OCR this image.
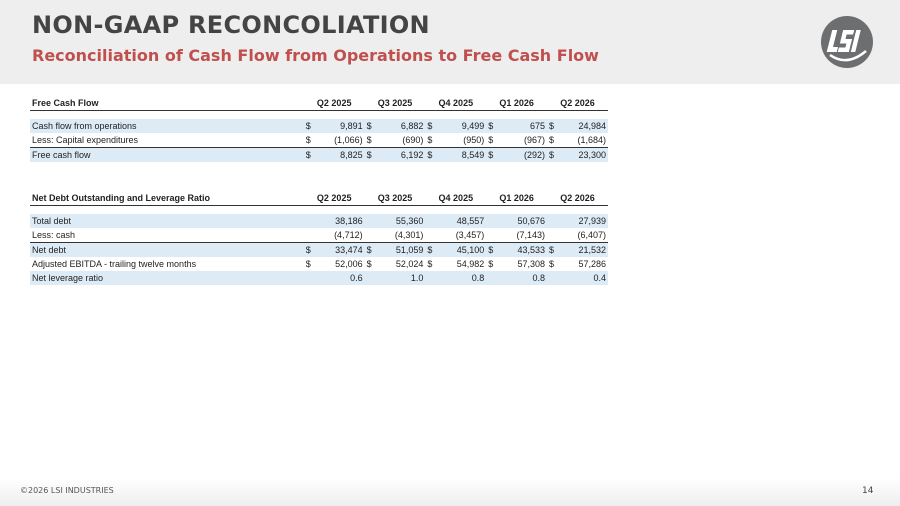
NON-GAAP RECONCOLIATION
Reconciliation of Cash Flow from Operations to Free Cash Flow
Free Cash Flow	Q2 2025		Q3 2025		Q4 2025		Q1 2026		Q2 2026	

Cash flow from operations	$	9,891	$	6,882	$	9,499	$	675	$	24,984
Less: Capital expenditures	$	(1,066)	$	(690)	$	(950)	$	(967)	$	(1,684)
Free cash flow	$	8,825	$	6,192	$	8,549	$	(292)	$	23,300
Net Debt Outstanding and Leverage Ratio	Q2 2025		Q3 2025		Q4 2025		Q1 2026		Q2 2026	

Total debt		38,186		55,360		48,557		50,676		27,939
Less: cash		(4,712)		(4,301)		(3,457)		(7,143)		(6,407)
Net debt	$	33,474	$	51,059	$	45,100	$	43,533	$	21,532
Adjusted EBITDA - trailing twelve months	$	52,006	$	52,024	$	54,982	$	57,308	$	57,286
Net leverage ratio		0.6		1.0		0.8		0.8		0.4
©2026 LSI INDUSTRIES	14
